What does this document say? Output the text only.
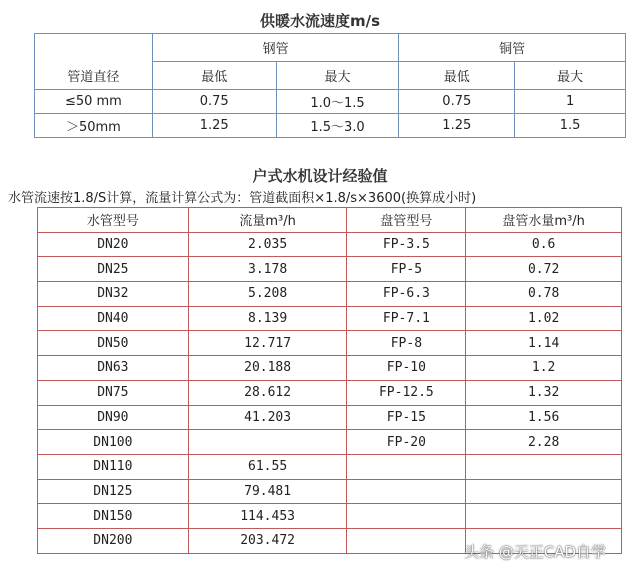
供暖水流速度m/s
管道直径	钢管		铜管	
	最低	最大	最低	最大
≤50 mm	0.75	1.0～1.5	0.75	1
＞50mm	1.25	1.5～3.0	1.25	1.5
户式水机设计经验值
水管流速按1.8/S计算，流量计算公式为：管道截面积×1.8/s×3600(换算成小时)
水管型号	流量m³/h	盘管型号	盘管水量m³/h
DN20	2.035	FP-3.5	0.6
DN25	3.178	FP-5	0.72
DN32	5.208	FP-6.3	0.78
DN40	8.139	FP-7.1	1.02
DN50	12.717	FP-8	1.14
DN63	20.188	FP-10	1.2
DN75	28.612	FP-12.5	1.32
DN90	41.203	FP-15	1.56
DN100		FP-20	2.28
DN110	61.55		
DN125	79.481		
DN150	114.453		
DN200	203.472		
头条 @天正CAD自学
